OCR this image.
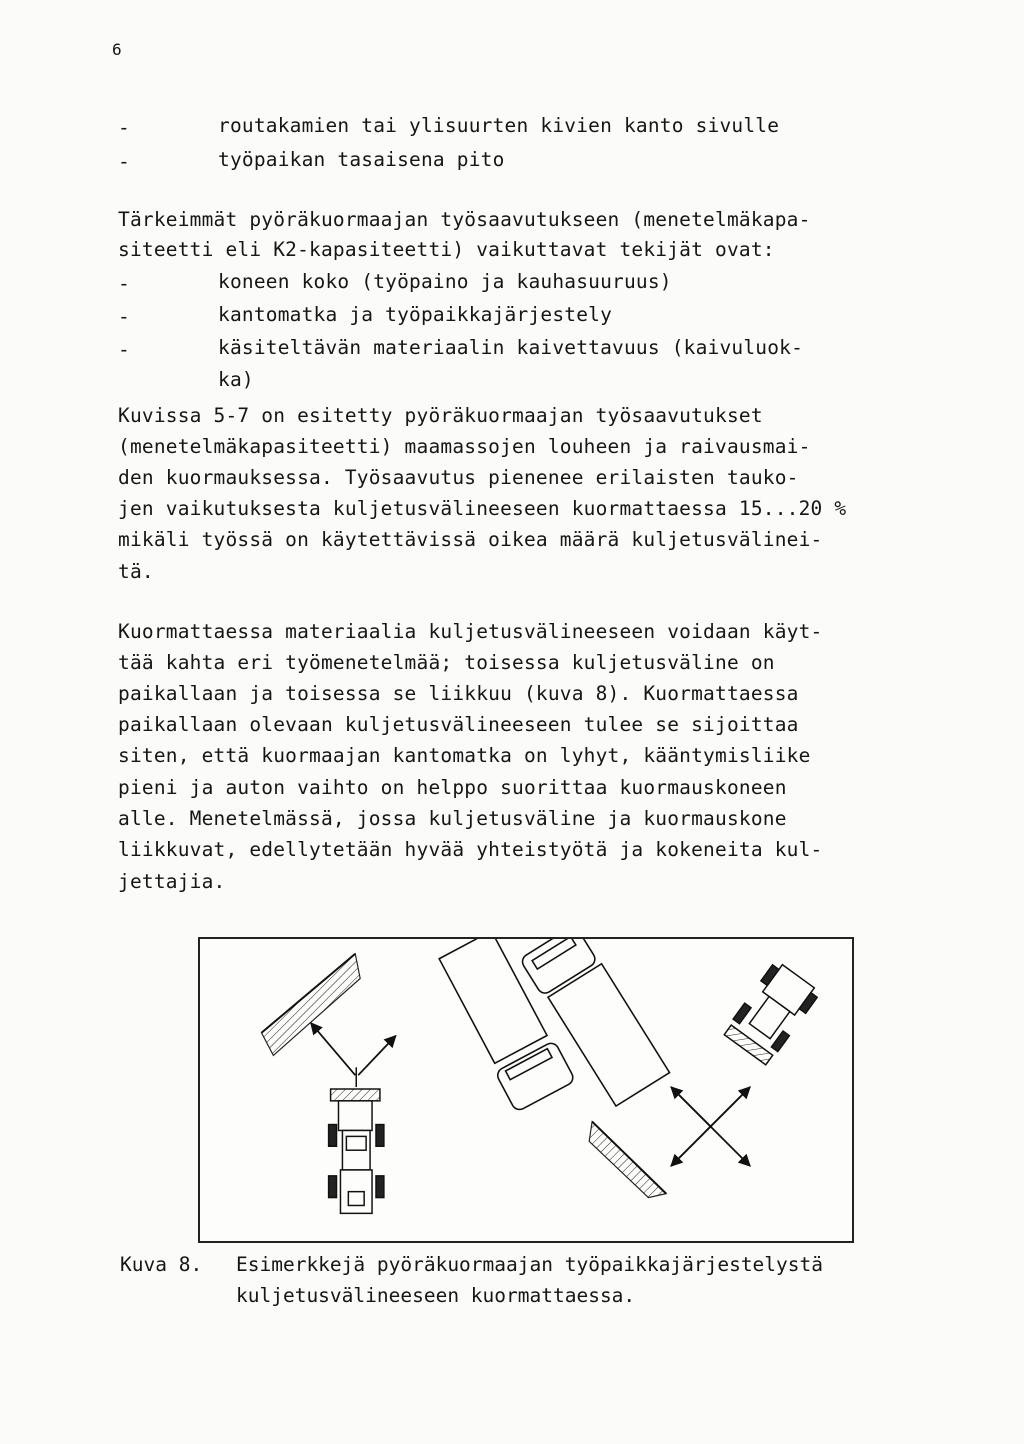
6
-	routakamien tai ylisuurten kivien kanto sivulle
-	työpaikan tasaisena pito
Tärkeimmät pyöräkuormaajan työsaavutukseen (menetelmäkapa-
siteetti eli K2-kapasiteetti) vaikuttavat tekijät ovat:
-	koneen koko (työpaino ja kauhasuuruus)
-	kantomatka ja työpaikkajärjestely
-	käsiteltävän materiaalin kaivettavuus (kaivuluok-
ka)
Kuvissa 5-7 on esitetty pyöräkuormaajan työsaavutukset
(menetelmäkapasiteetti) maamassojen louheen ja raivausmai-
den kuormauksessa. Työsaavutus pienenee erilaisten tauko-
jen vaikutuksesta kuljetusvälineeseen kuormattaessa 15...20 %
mikäli työssä on käytettävissä oikea määrä kuljetusvälinei-
tä.
Kuormattaessa materiaalia kuljetusvälineeseen voidaan käyt-
tää kahta eri työmenetelmää; toisessa kuljetusväline on
paikallaan ja toisessa se liikkuu (kuva 8). Kuormattaessa
paikallaan olevaan kuljetusvälineeseen tulee se sijoittaa
siten, että kuormaajan kantomatka on lyhyt, kääntymisliike
pieni ja auton vaihto on helppo suorittaa kuormauskoneen
alle. Menetelmässä, jossa kuljetusväline ja kuormauskone
liikkuvat, edellytetään hyvää yhteistyötä ja kokeneita kul-
jettajia.
Kuva 8. Esimerkkejä pyöräkuormaajan työpaikkajärjestelystä
kuljetusvälineeseen kuormattaessa.
